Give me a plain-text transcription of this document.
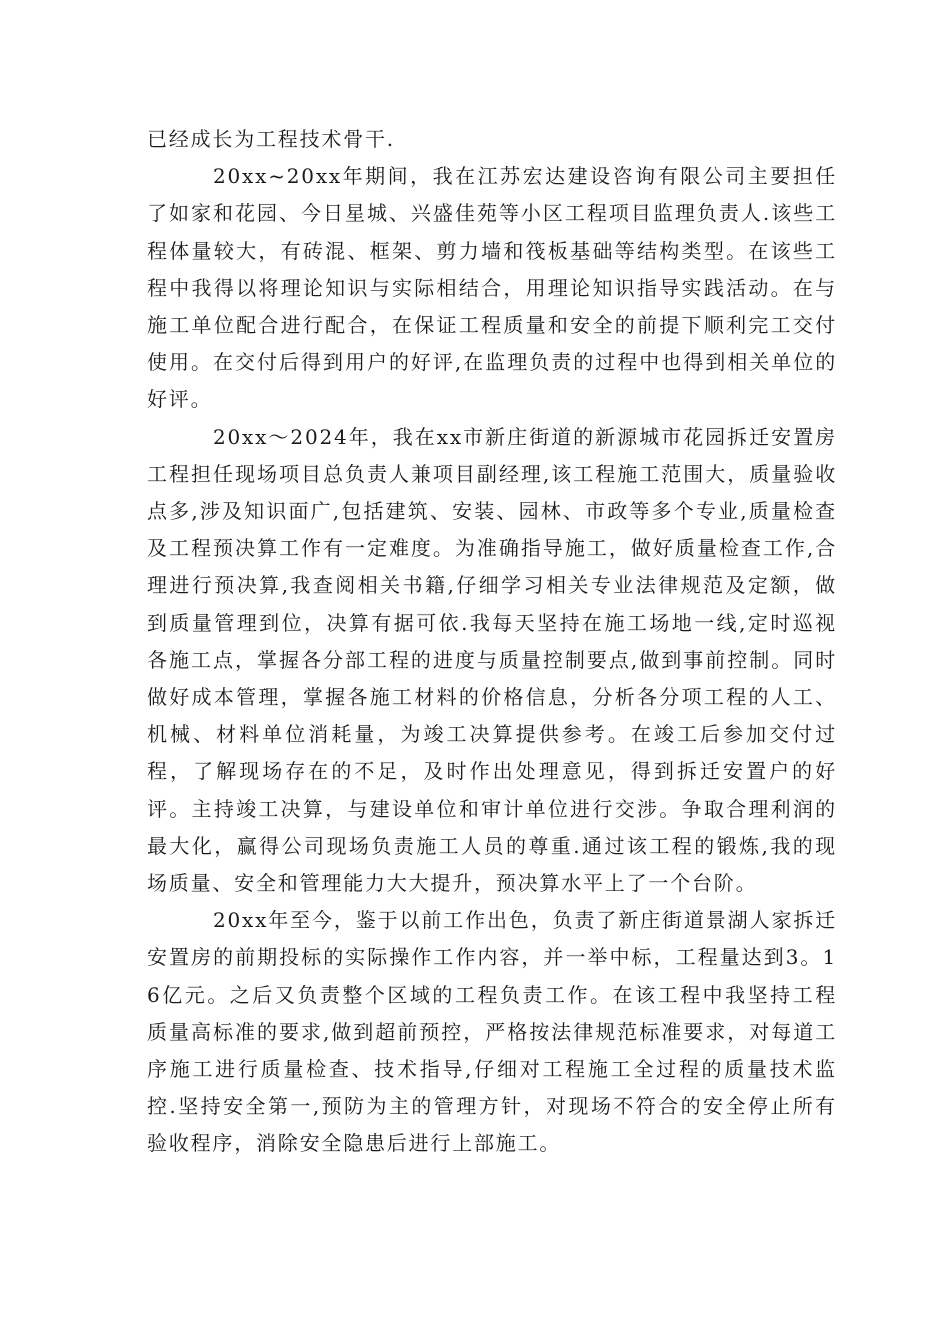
已经成长为工程技术骨干.

20xx~20xx年期间，我在江苏宏达建设咨询有限公司主要担任了如家和花园、今日星城、兴盛佳苑等小区工程项目监理负责人.该些工程体量较大，有砖混、框架、剪力墙和筏板基础等结构类型。在该些工程中我得以将理论知识与实际相结合，用理论知识指导实践活动。在与施工单位配合进行配合，在保证工程质量和安全的前提下顺利完工交付使用。在交付后得到用户的好评,在监理负责的过程中也得到相关单位的好评。

20xx～2024年，我在xx市新庄街道的新源城市花园拆迁安置房工程担任现场项目总负责人兼项目副经理,该工程施工范围大，质量验收点多,涉及知识面广,包括建筑、安装、园林、市政等多个专业,质量检查及工程预决算工作有一定难度。为准确指导施工，做好质量检查工作,合理进行预决算,我查阅相关书籍,仔细学习相关专业法律规范及定额，做到质量管理到位，决算有据可依.我每天坚持在施工场地一线,定时巡视各施工点，掌握各分部工程的进度与质量控制要点,做到事前控制。同时做好成本管理，掌握各施工材料的价格信息，分析各分项工程的人工、机械、材料单位消耗量，为竣工决算提供参考。在竣工后参加交付过程，了解现场存在的不足，及时作出处理意见，得到拆迁安置户的好评。主持竣工决算，与建设单位和审计单位进行交涉。争取合理利润的最大化，赢得公司现场负责施工人员的尊重.通过该工程的锻炼,我的现场质量、安全和管理能力大大提升，预决算水平上了一个台阶。

20xx年至今，鉴于以前工作出色，负责了新庄街道景湖人家拆迁安置房的前期投标的实际操作工作内容，并一举中标，工程量达到3。16亿元。之后又负责整个区域的工程负责工作。在该工程中我坚持工程质量高标准的要求,做到超前预控，严格按法律规范标准要求，对每道工序施工进行质量检查、技术指导,仔细对工程施工全过程的质量技术监控.坚持安全第一,预防为主的管理方针，对现场不符合的安全停止所有验收程序，消除安全隐患后进行上部施工。
